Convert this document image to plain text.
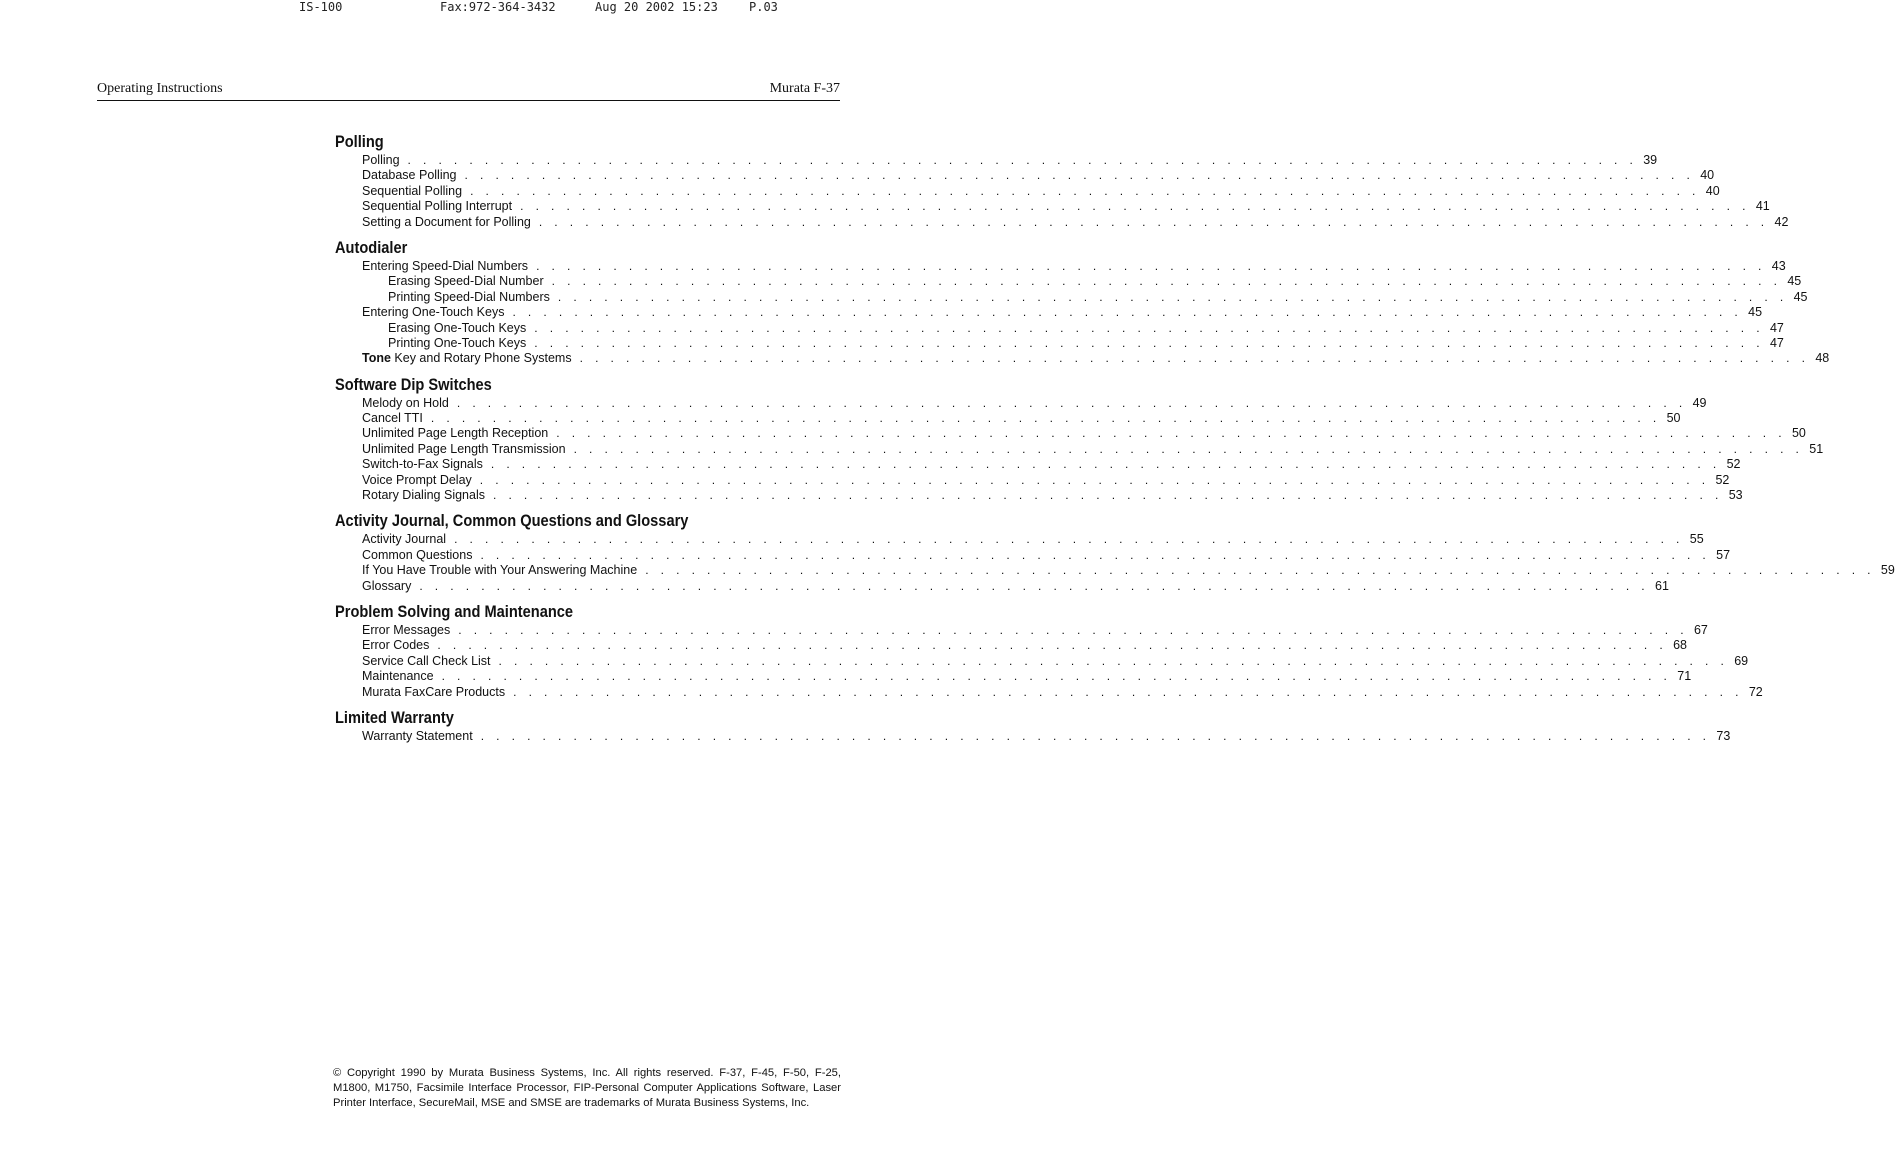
IS-100	Fax:972-364-3432	Aug 20 2002 15:23	P.03
Operating Instructions	Murata F-37
Polling
Polling . . . . . . . . . . . . . . . . . . . . . . . . . . . . . . . . . . . . . . . . . . . . . . . . . . . . . . . . . . . . . . . . . . . . . . . . . . . . . . . . 39
Database Polling . . . . . . . . . . . . . . . . . . . . . . . . . . . . . . . . . . . . . . . . . . . . . . . . . . . . . . . . . . . . . . . . . . . . . . . . . . . . . . . . 40
Sequential Polling . . . . . . . . . . . . . . . . . . . . . . . . . . . . . . . . . . . . . . . . . . . . . . . . . . . . . . . . . . . . . . . . . . . . . . . . . . . . . . . . 40
Sequential Polling Interrupt . . . . . . . . . . . . . . . . . . . . . . . . . . . . . . . . . . . . . . . . . . . . . . . . . . . . . . . . . . . . . . . . . . . . . . . . . . . . . . . . 41
Setting a Document for Polling . . . . . . . . . . . . . . . . . . . . . . . . . . . . . . . . . . . . . . . . . . . . . . . . . . . . . . . . . . . . . . . . . . . . . . . . . . . . . . . . 42
Autodialer
Entering Speed-Dial Numbers . . . . . . . . . . . . . . . . . . . . . . . . . . . . . . . . . . . . . . . . . . . . . . . . . . . . . . . . . . . . . . . . . . . . . . . . . . . . . . . . 43
Erasing Speed-Dial Number . . . . . . . . . . . . . . . . . . . . . . . . . . . . . . . . . . . . . . . . . . . . . . . . . . . . . . . . . . . . . . . . . . . . . . . . . . . . . . . . 45
Printing Speed-Dial Numbers . . . . . . . . . . . . . . . . . . . . . . . . . . . . . . . . . . . . . . . . . . . . . . . . . . . . . . . . . . . . . . . . . . . . . . . . . . . . . . . . 45
Entering One-Touch Keys . . . . . . . . . . . . . . . . . . . . . . . . . . . . . . . . . . . . . . . . . . . . . . . . . . . . . . . . . . . . . . . . . . . . . . . . . . . . . . . . 45
Erasing One-Touch Keys . . . . . . . . . . . . . . . . . . . . . . . . . . . . . . . . . . . . . . . . . . . . . . . . . . . . . . . . . . . . . . . . . . . . . . . . . . . . . . . . 47
Printing One-Touch Keys . . . . . . . . . . . . . . . . . . . . . . . . . . . . . . . . . . . . . . . . . . . . . . . . . . . . . . . . . . . . . . . . . . . . . . . . . . . . . . . . 47
Tone Key and Rotary Phone Systems . . . . . . . . . . . . . . . . . . . . . . . . . . . . . . . . . . . . . . . . . . . . . . . . . . . . . . . . . . . . . . . . . . . . . . . . . . . . . . . . 48
Software Dip Switches
Melody on Hold . . . . . . . . . . . . . . . . . . . . . . . . . . . . . . . . . . . . . . . . . . . . . . . . . . . . . . . . . . . . . . . . . . . . . . . . . . . . . . . . 49
Cancel TTI . . . . . . . . . . . . . . . . . . . . . . . . . . . . . . . . . . . . . . . . . . . . . . . . . . . . . . . . . . . . . . . . . . . . . . . . . . . . . . . . 50
Unlimited Page Length Reception . . . . . . . . . . . . . . . . . . . . . . . . . . . . . . . . . . . . . . . . . . . . . . . . . . . . . . . . . . . . . . . . . . . . . . . . . . . . . . . . 50
Unlimited Page Length Transmission . . . . . . . . . . . . . . . . . . . . . . . . . . . . . . . . . . . . . . . . . . . . . . . . . . . . . . . . . . . . . . . . . . . . . . . . . . . . . . . . 51
Switch-to-Fax Signals . . . . . . . . . . . . . . . . . . . . . . . . . . . . . . . . . . . . . . . . . . . . . . . . . . . . . . . . . . . . . . . . . . . . . . . . . . . . . . . . 52
Voice Prompt Delay . . . . . . . . . . . . . . . . . . . . . . . . . . . . . . . . . . . . . . . . . . . . . . . . . . . . . . . . . . . . . . . . . . . . . . . . . . . . . . . . 52
Rotary Dialing Signals . . . . . . . . . . . . . . . . . . . . . . . . . . . . . . . . . . . . . . . . . . . . . . . . . . . . . . . . . . . . . . . . . . . . . . . . . . . . . . . . 53
Activity Journal, Common Questions and Glossary
Activity Journal . . . . . . . . . . . . . . . . . . . . . . . . . . . . . . . . . . . . . . . . . . . . . . . . . . . . . . . . . . . . . . . . . . . . . . . . . . . . . . . . 55
Common Questions . . . . . . . . . . . . . . . . . . . . . . . . . . . . . . . . . . . . . . . . . . . . . . . . . . . . . . . . . . . . . . . . . . . . . . . . . . . . . . . . 57
If You Have Trouble with Your Answering Machine . . . . . . . . . . . . . . . . . . . . . . . . . . . . . . . . . . . . . . . . . . . . . . . . . . . . . . . . . . . . . . . . . . . . . . . . . . . . . . . . 59
Glossary . . . . . . . . . . . . . . . . . . . . . . . . . . . . . . . . . . . . . . . . . . . . . . . . . . . . . . . . . . . . . . . . . . . . . . . . . . . . . . . . 61
Problem Solving and Maintenance
Error Messages . . . . . . . . . . . . . . . . . . . . . . . . . . . . . . . . . . . . . . . . . . . . . . . . . . . . . . . . . . . . . . . . . . . . . . . . . . . . . . . . 67
Error Codes . . . . . . . . . . . . . . . . . . . . . . . . . . . . . . . . . . . . . . . . . . . . . . . . . . . . . . . . . . . . . . . . . . . . . . . . . . . . . . . . 68
Service Call Check List . . . . . . . . . . . . . . . . . . . . . . . . . . . . . . . . . . . . . . . . . . . . . . . . . . . . . . . . . . . . . . . . . . . . . . . . . . . . . . . . 69
Maintenance . . . . . . . . . . . . . . . . . . . . . . . . . . . . . . . . . . . . . . . . . . . . . . . . . . . . . . . . . . . . . . . . . . . . . . . . . . . . . . . . 71
Murata FaxCare Products . . . . . . . . . . . . . . . . . . . . . . . . . . . . . . . . . . . . . . . . . . . . . . . . . . . . . . . . . . . . . . . . . . . . . . . . . . . . . . . . 72
Limited Warranty
Warranty Statement . . . . . . . . . . . . . . . . . . . . . . . . . . . . . . . . . . . . . . . . . . . . . . . . . . . . . . . . . . . . . . . . . . . . . . . . . . . . . . . . 73
© Copyright 1990 by Murata Business Systems, Inc. All rights reserved. F-37, F-45, F-50, F-25, M1800, M1750, Facsimile Interface Processor, FIP-Personal Computer Applications Software, Laser Printer Interface, SecureMail, MSE and SMSE are trademarks of Murata Business Systems, Inc.
